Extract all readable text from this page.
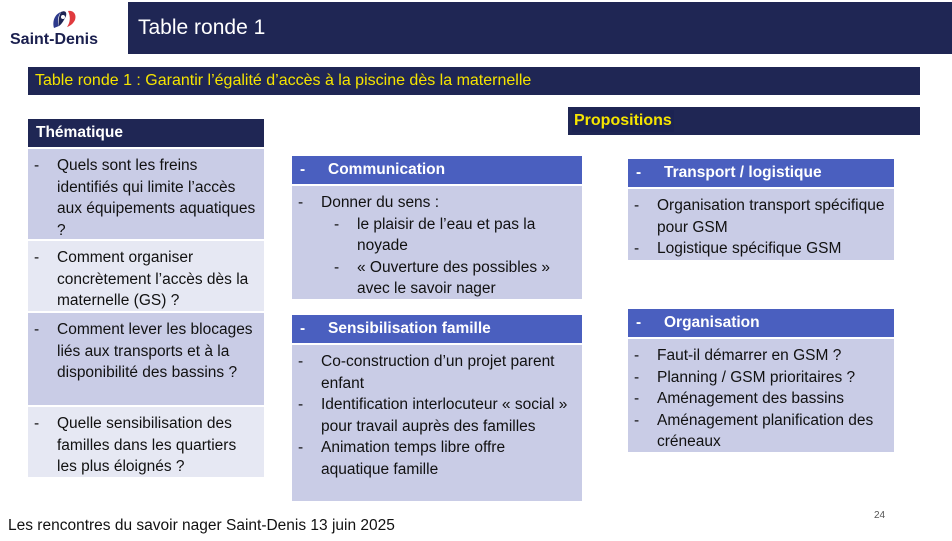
Saint-Denis
Table ronde 1
Table ronde 1 : Garantir l’égalité d’accès à la piscine dès la maternelle
Propositions
Thématique
- Quels sont les freins identifiés qui limite l’accès aux équipements aquatiques ?
- Comment organiser concrètement l’accès dès la maternelle (GS) ?
- Comment lever les blocages liés aux transports et à la disponibilité des bassins ?
- Quelle sensibilisation des familles dans les quartiers les plus éloignés ?
- Communication
- Donner du sens :
- le plaisir de l’eau et pas la noyade
- « Ouverture des possibles » avec le savoir nager
- Sensibilisation famille
- Co-construction d’un projet parent enfant
- Identification interlocuteur « social » pour travail auprès des familles
- Animation temps libre offre aquatique famille
- Transport / logistique
- Organisation transport spécifique pour GSM
- Logistique spécifique GSM
- Organisation
- Faut-il démarrer en GSM ?
- Planning / GSM prioritaires ?
- Aménagement des bassins
- Aménagement planification des créneaux
Les rencontres du savoir nager Saint-Denis 13 juin 2025
24
